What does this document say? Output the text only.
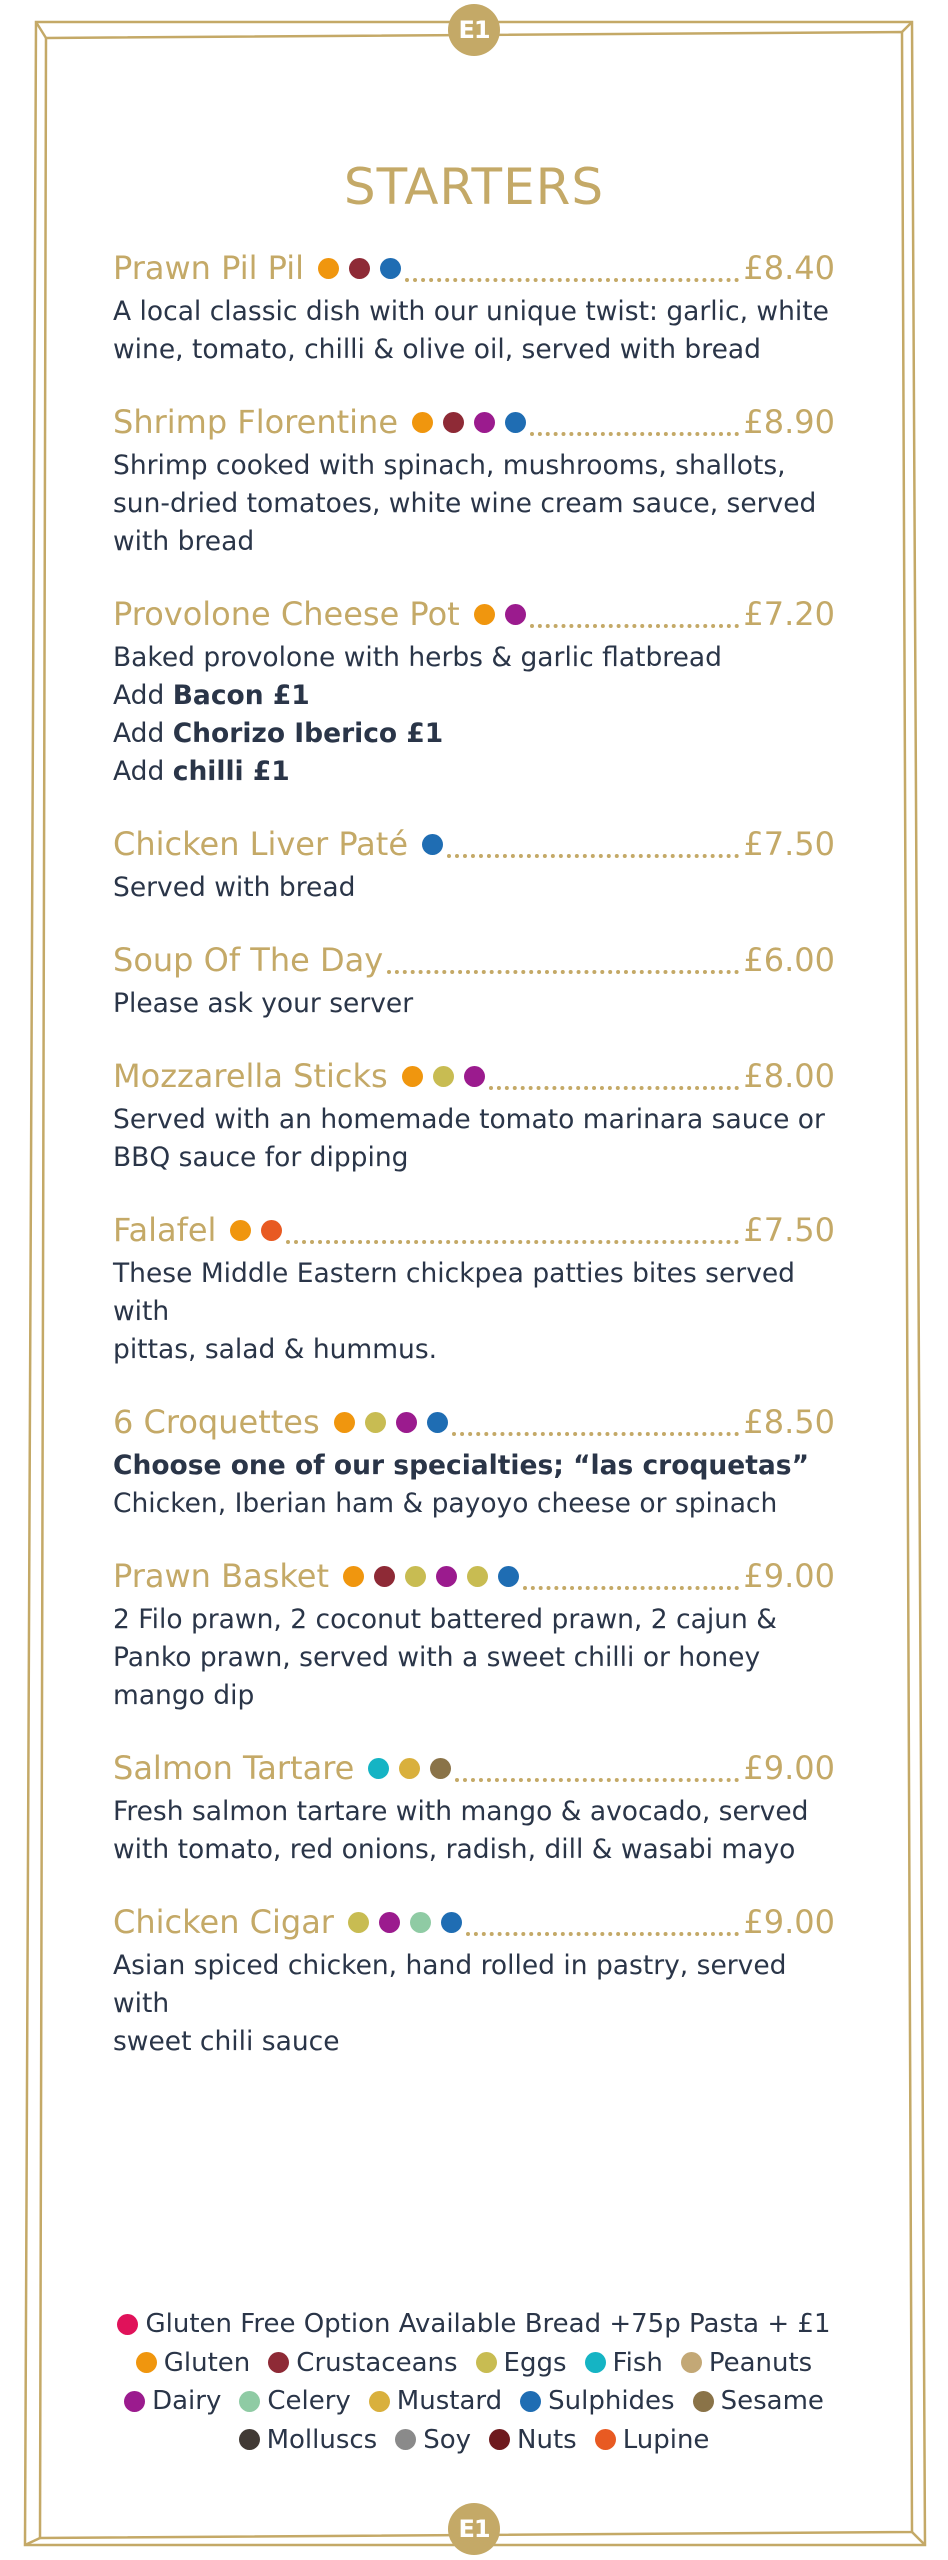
E1
E1
STARTERS
Prawn Pil Pil	£8.40

A local classic dish with our unique twist: garlic, white

wine, tomato, chilli & olive oil, served with bread

Shrimp Florentine	£8.90

Shrimp cooked with spinach, mushrooms, shallots,

sun-dried tomatoes, white wine cream sauce, served

with bread

Provolone Cheese Pot	£7.20

Baked provolone with herbs & garlic flatbread

Add Bacon £1

Add Chorizo Iberico £1

Add chilli £1

Chicken Liver Paté	£7.50

Served with bread

Soup Of The Day	£6.00

Please ask your server

Mozzarella Sticks	£8.00

Served with an homemade tomato marinara sauce or

BBQ sauce for dipping

Falafel	£7.50

These Middle Eastern chickpea patties bites served with

pittas, salad & hummus.

6 Croquettes	£8.50

Choose one of our specialties; “las croquetas”

Chicken, Iberian ham & payoyo cheese or spinach

Prawn Basket	£9.00

2 Filo prawn, 2 coconut battered prawn, 2 cajun &

Panko prawn, served with a sweet chilli or honey

mango dip

Salmon Tartare	£9.00

Fresh salmon tartare with mango & avocado, served

with tomato, red onions, radish, dill & wasabi mayo

Chicken Cigar	£9.00

Asian spiced chicken, hand rolled in pastry, served with

sweet chili sauce

Gluten Free Option Available Bread +75p Pasta + £1
Gluten Crustaceans Eggs Fish Peanuts
Dairy Celery Mustard Sulphides Sesame
Molluscs Soy Nuts Lupine
